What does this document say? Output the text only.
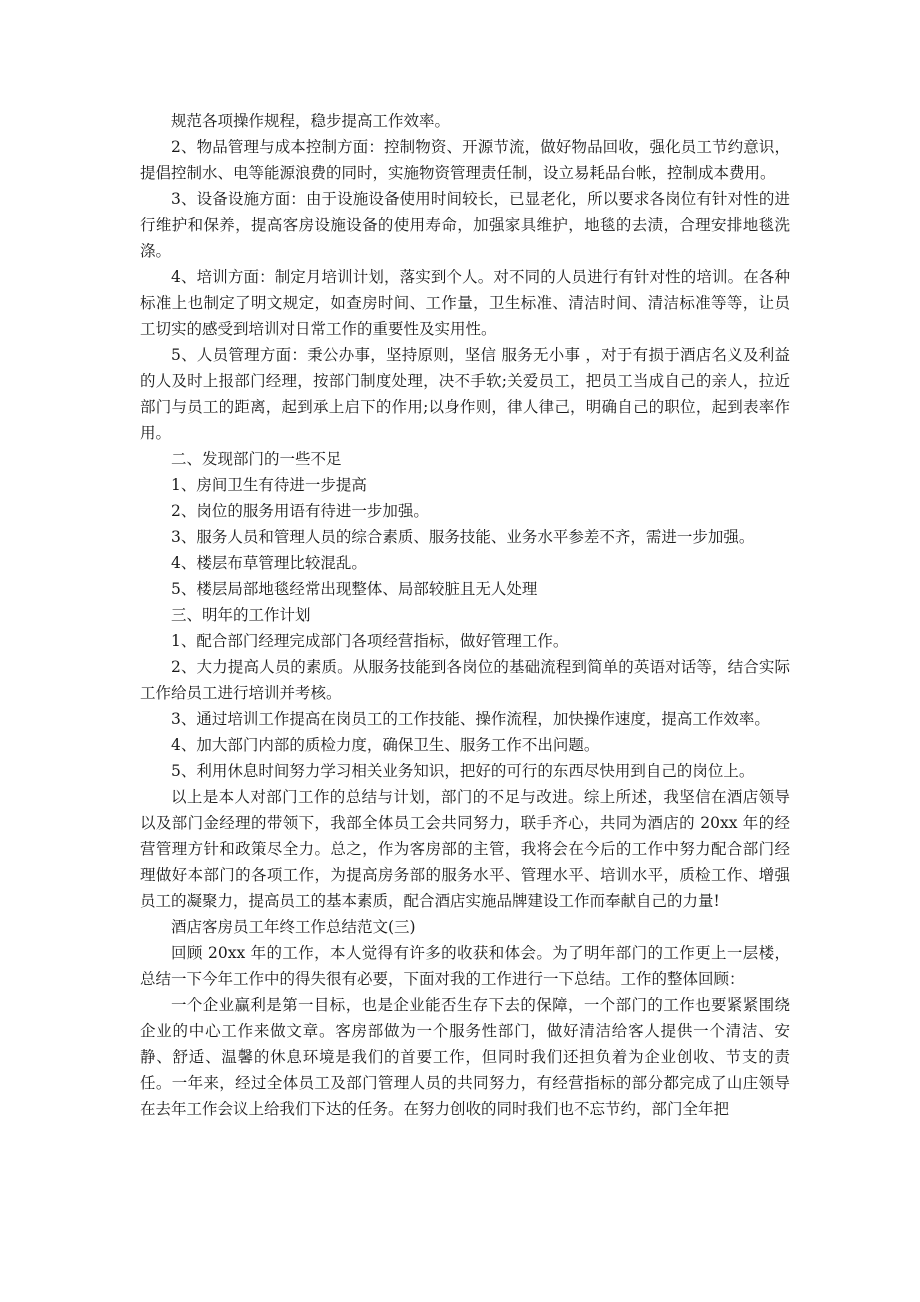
规范各项操作规程，稳步提高工作效率。

2、物品管理与成本控制方面：控制物资、开源节流，做好物品回收，强化员工节约意识，提倡控制水、电等能源浪费的同时，实施物资管理责任制，设立易耗品台帐，控制成本费用。

3、设备设施方面：由于设施设备使用时间较长，已显老化，所以要求各岗位有针对性的进行维护和保养，提高客房设施设备的使用寿命，加强家具维护，地毯的去渍，合理安排地毯洗涤。

4、培训方面：制定月培训计划，落实到个人。对不同的人员进行有针对性的培训。在各种标准上也制定了明文规定，如查房时间、工作量，卫生标准、清洁时间、清洁标准等等，让员工切实的感受到培训对日常工作的重要性及实用性。

5、人员管理方面：秉公办事，坚持原则，坚信 服务无小事 ，对于有损于酒店名义及利益的人及时上报部门经理，按部门制度处理，决不手软;关爱员工，把员工当成自己的亲人，拉近部门与员工的距离，起到承上启下的作用;以身作则，律人律己，明确自己的职位，起到表率作用。

二、发现部门的一些不足

1、房间卫生有待进一步提高

2、岗位的服务用语有待进一步加强。

3、服务人员和管理人员的综合素质、服务技能、业务水平参差不齐，需进一步加强。

4、楼层布草管理比较混乱。

5、楼层局部地毯经常出现整体、局部较脏且无人处理

三、明年的工作计划

1、配合部门经理完成部门各项经营指标，做好管理工作。

2、大力提高人员的素质。从服务技能到各岗位的基础流程到简单的英语对话等，结合实际工作给员工进行培训并考核。

3、通过培训工作提高在岗员工的工作技能、操作流程，加快操作速度，提高工作效率。

4、加大部门内部的质检力度，确保卫生、服务工作不出问题。

5、利用休息时间努力学习相关业务知识，把好的可行的东西尽快用到自己的岗位上。

以上是本人对部门工作的总结与计划，部门的不足与改进。综上所述，我坚信在酒店领导以及部门金经理的带领下，我部全体员工会共同努力，联手齐心，共同为酒店的 20xx 年的经营管理方针和政策尽全力。总之，作为客房部的主管，我将会在今后的工作中努力配合部门经理做好本部门的各项工作，为提高房务部的服务水平、管理水平、培训水平，质检工作、增强员工的凝聚力，提高员工的基本素质，配合酒店实施品牌建设工作而奉献自己的力量!

酒店客房员工年终工作总结范文(三)

回顾 20xx 年的工作，本人觉得有许多的收获和体会。为了明年部门的工作更上一层楼，总结一下今年工作中的得失很有必要，下面对我的工作进行一下总结。工作的整体回顾：

一个企业赢利是第一目标，也是企业能否生存下去的保障，一个部门的工作也要紧紧围绕企业的中心工作来做文章。客房部做为一个服务性部门，做好清洁给客人提供一个清洁、安静、舒适、温馨的休息环境是我们的首要工作，但同时我们还担负着为企业创收、节支的责任。一年来，经过全体员工及部门管理人员的共同努力，有经营指标的部分都完成了山庄领导在去年工作会议上给我们下达的任务。在努力创收的同时我们也不忘节约，部门全年把
